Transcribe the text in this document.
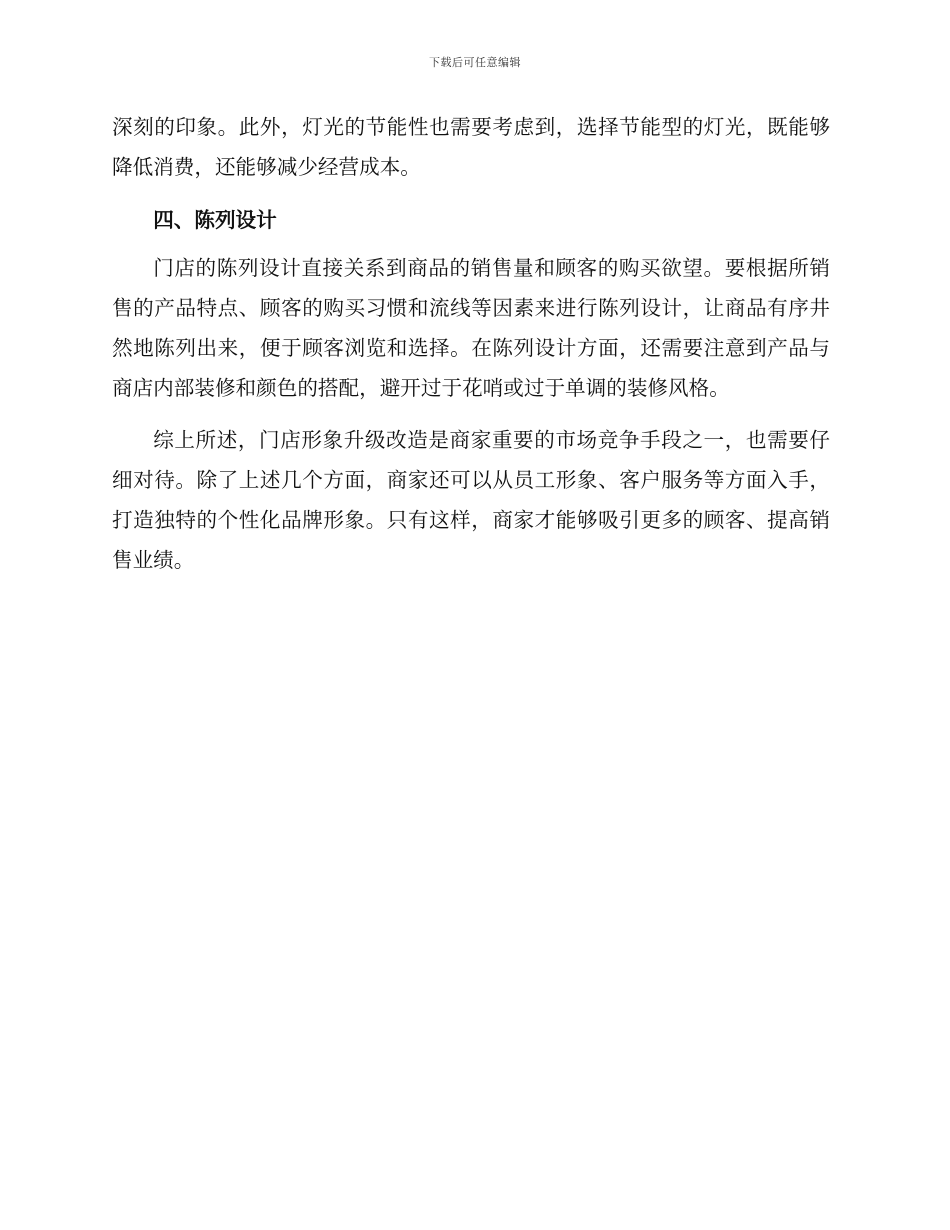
下载后可任意编辑

深刻的印象。此外，灯光的节能性也需要考虑到，选择节能型的灯光，既能够降低消费，还能够减少经营成本。

四、陈列设计

门店的陈列设计直接关系到商品的销售量和顾客的购买欲望。要根据所销售的产品特点、顾客的购买习惯和流线等因素来进行陈列设计，让商品有序井然地陈列出来，便于顾客浏览和选择。在陈列设计方面，还需要注意到产品与商店内部装修和颜色的搭配，避开过于花哨或过于单调的装修风格。

综上所述，门店形象升级改造是商家重要的市场竞争手段之一，也需要仔细对待。除了上述几个方面，商家还可以从员工形象、客户服务等方面入手，打造独特的个性化品牌形象。只有这样，商家才能够吸引更多的顾客、提高销售业绩。
